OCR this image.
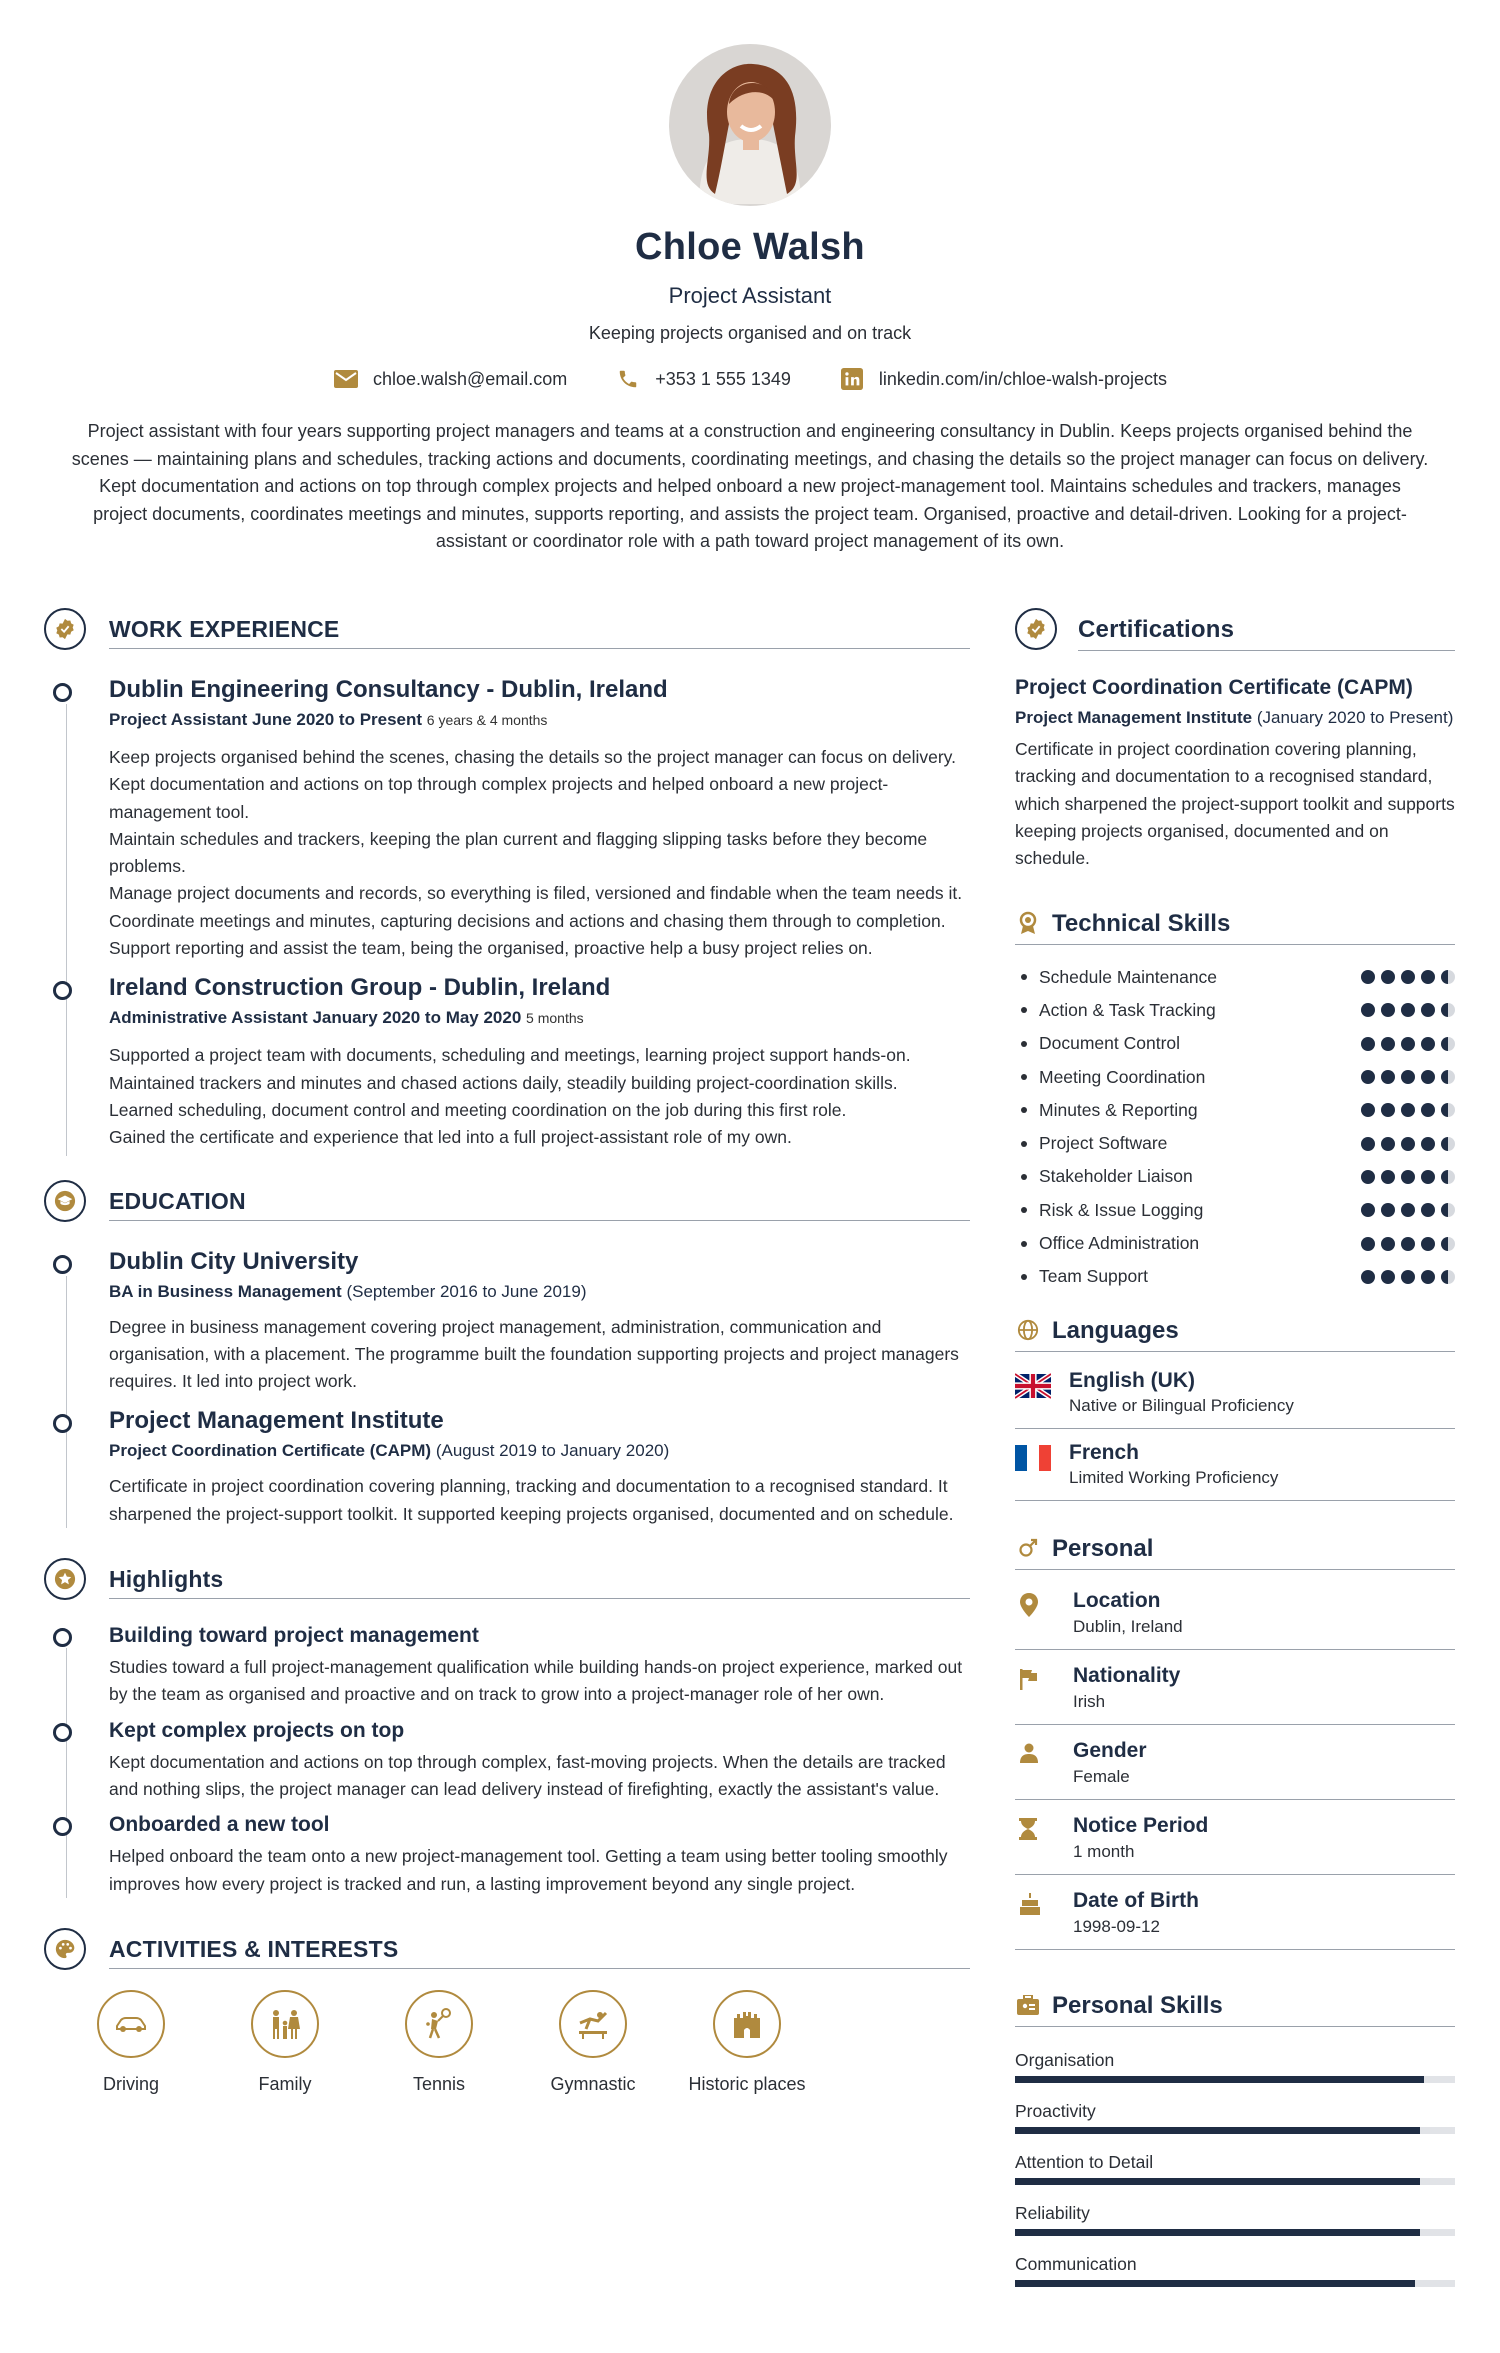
Chloe Walsh
Project Assistant
Keeping projects organised and on track
chloe.walsh@email.com	+353 1 555 1349	linkedin.com/in/chloe-walsh-projects
Project assistant with four years supporting project managers and teams at a construction and engineering consultancy in Dublin. Keeps projects organised behind the scenes — maintaining plans and schedules, tracking actions and documents, coordinating meetings, and chasing the details so the project manager can focus on delivery. Kept documentation and actions on top through complex projects and helped onboard a new project-management tool. Maintains schedules and trackers, manages project documents, coordinates meetings and minutes, supports reporting, and assists the project team. Organised, proactive and detail-driven. Looking for a project-assistant or coordinator role with a path toward project management of its own.
WORK EXPERIENCE
Dublin Engineering Consultancy - Dublin, Ireland
Project Assistant June 2020 to Present 6 years & 4 months
Keep projects organised behind the scenes, chasing the details so the project manager can focus on delivery.
Kept documentation and actions on top through complex projects and helped onboard a new project-management tool.
Maintain schedules and trackers, keeping the plan current and flagging slipping tasks before they become problems.
Manage project documents and records, so everything is filed, versioned and findable when the team needs it.
Coordinate meetings and minutes, capturing decisions and actions and chasing them through to completion.
Support reporting and assist the team, being the organised, proactive help a busy project relies on.
Ireland Construction Group - Dublin, Ireland
Administrative Assistant January 2020 to May 2020 5 months
Supported a project team with documents, scheduling and meetings, learning project support hands-on.
Maintained trackers and minutes and chased actions daily, steadily building project-coordination skills.
Learned scheduling, document control and meeting coordination on the job during this first role.
Gained the certificate and experience that led into a full project-assistant role of my own.
EDUCATION
Dublin City University
BA in Business Management (September 2016 to June 2019)
Degree in business management covering project management, administration, communication and organisation, with a placement. The programme built the foundation supporting projects and project managers requires. It led into project work.
Project Management Institute
Project Coordination Certificate (CAPM) (August 2019 to January 2020)
Certificate in project coordination covering planning, tracking and documentation to a recognised standard. It sharpened the project-support toolkit. It supported keeping projects organised, documented and on schedule.
Highlights
Building toward project management
Studies toward a full project-management qualification while building hands-on project experience, marked out by the team as organised and proactive and on track to grow into a project-manager role of her own.
Kept complex projects on top
Kept documentation and actions on top through complex, fast-moving projects. When the details are tracked and nothing slips, the project manager can lead delivery instead of firefighting, exactly the assistant's value.
Onboarded a new tool
Helped onboard the team onto a new project-management tool. Getting a team using better tooling smoothly improves how every project is tracked and run, a lasting improvement beyond any single project.
ACTIVITIES & INTERESTS
Driving	Family	Tennis	Gymnastic	Historic places
Certifications
Project Coordination Certificate (CAPM)
Project Management Institute (January 2020 to Present)
Certificate in project coordination covering planning, tracking and documentation to a recognised standard, which sharpened the project-support toolkit and supports keeping projects organised, documented and on schedule.
Technical Skills
Schedule Maintenance
Action & Task Tracking
Document Control
Meeting Coordination
Minutes & Reporting
Project Software
Stakeholder Liaison
Risk & Issue Logging
Office Administration
Team Support
Languages
English (UK)
Native or Bilingual Proficiency
French
Limited Working Proficiency
Personal
Location
Dublin, Ireland
Nationality
Irish
Gender
Female
Notice Period
1 month
Date of Birth
1998-09-12
Personal Skills
Organisation
Proactivity
Attention to Detail
Reliability
Communication
